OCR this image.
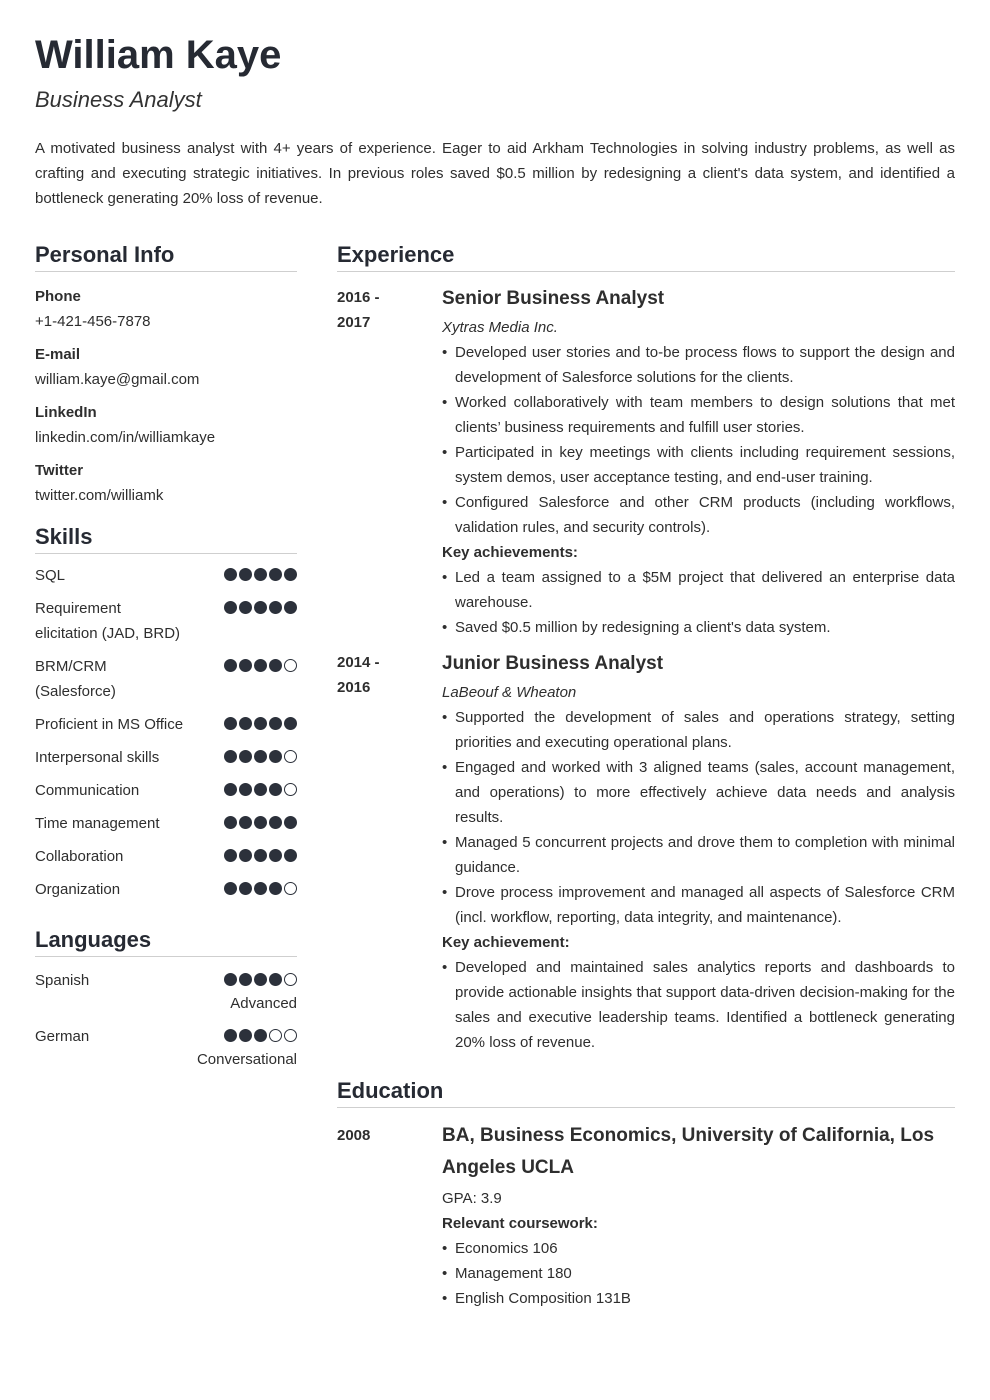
William Kaye
Business Analyst
A motivated business analyst with 4+ years of experience. Eager to aid Arkham Technologies in solving industry problems, as well as crafting and executing strategic initiatives. In previous roles saved $0.5 million by redesigning a client's data system, and identified a bottleneck generating 20% loss of revenue.
Personal Info
Phone
+1-421-456-7878
E-mail
william.kaye@gmail.com
LinkedIn
linkedin.com/in/williamkaye
Twitter
twitter.com/williamk
Skills
SQL
Requirement elicitation (JAD, BRD)
BRM/CRM (Salesforce)
Proficient in MS Office
Interpersonal skills
Communication
Time management
Collaboration
Organization
Languages
Spanish
Advanced
German
Conversational
Experience
2016 -
2017
Senior Business Analyst
Xytras Media Inc.
• Developed user stories and to-be process flows to support the design and development of Salesforce solutions for the clients.
• Worked collaboratively with team members to design solutions that met clients’ business requirements and fulfill user stories.
• Participated in key meetings with clients including requirement sessions, system demos, user acceptance testing, and end-user training.
• Configured Salesforce and other CRM products (including workflows, validation rules, and security controls).
Key achievements:
• Led a team assigned to a $5M project that delivered an enterprise data warehouse.
• Saved $0.5 million by redesigning a client's data system.
2014 -
2016
Junior Business Analyst
LaBeouf & Wheaton
• Supported the development of sales and operations strategy, setting priorities and executing operational plans.
• Engaged and worked with 3 aligned teams (sales, account management, and operations) to more effectively achieve data needs and analysis results.
• Managed 5 concurrent projects and drove them to completion with minimal guidance.
• Drove process improvement and managed all aspects of Salesforce CRM (incl. workflow, reporting, data integrity, and maintenance).
Key achievement:
• Developed and maintained sales analytics reports and dashboards to provide actionable insights that support data-driven decision-making for the sales and executive leadership teams. Identified a bottleneck generating 20% loss of revenue.
Education
2008	BA, Business Economics, University of California, Los Angeles UCLA
GPA: 3.9
Relevant coursework:
• Economics 106
• Management 180
• English Composition 131B
